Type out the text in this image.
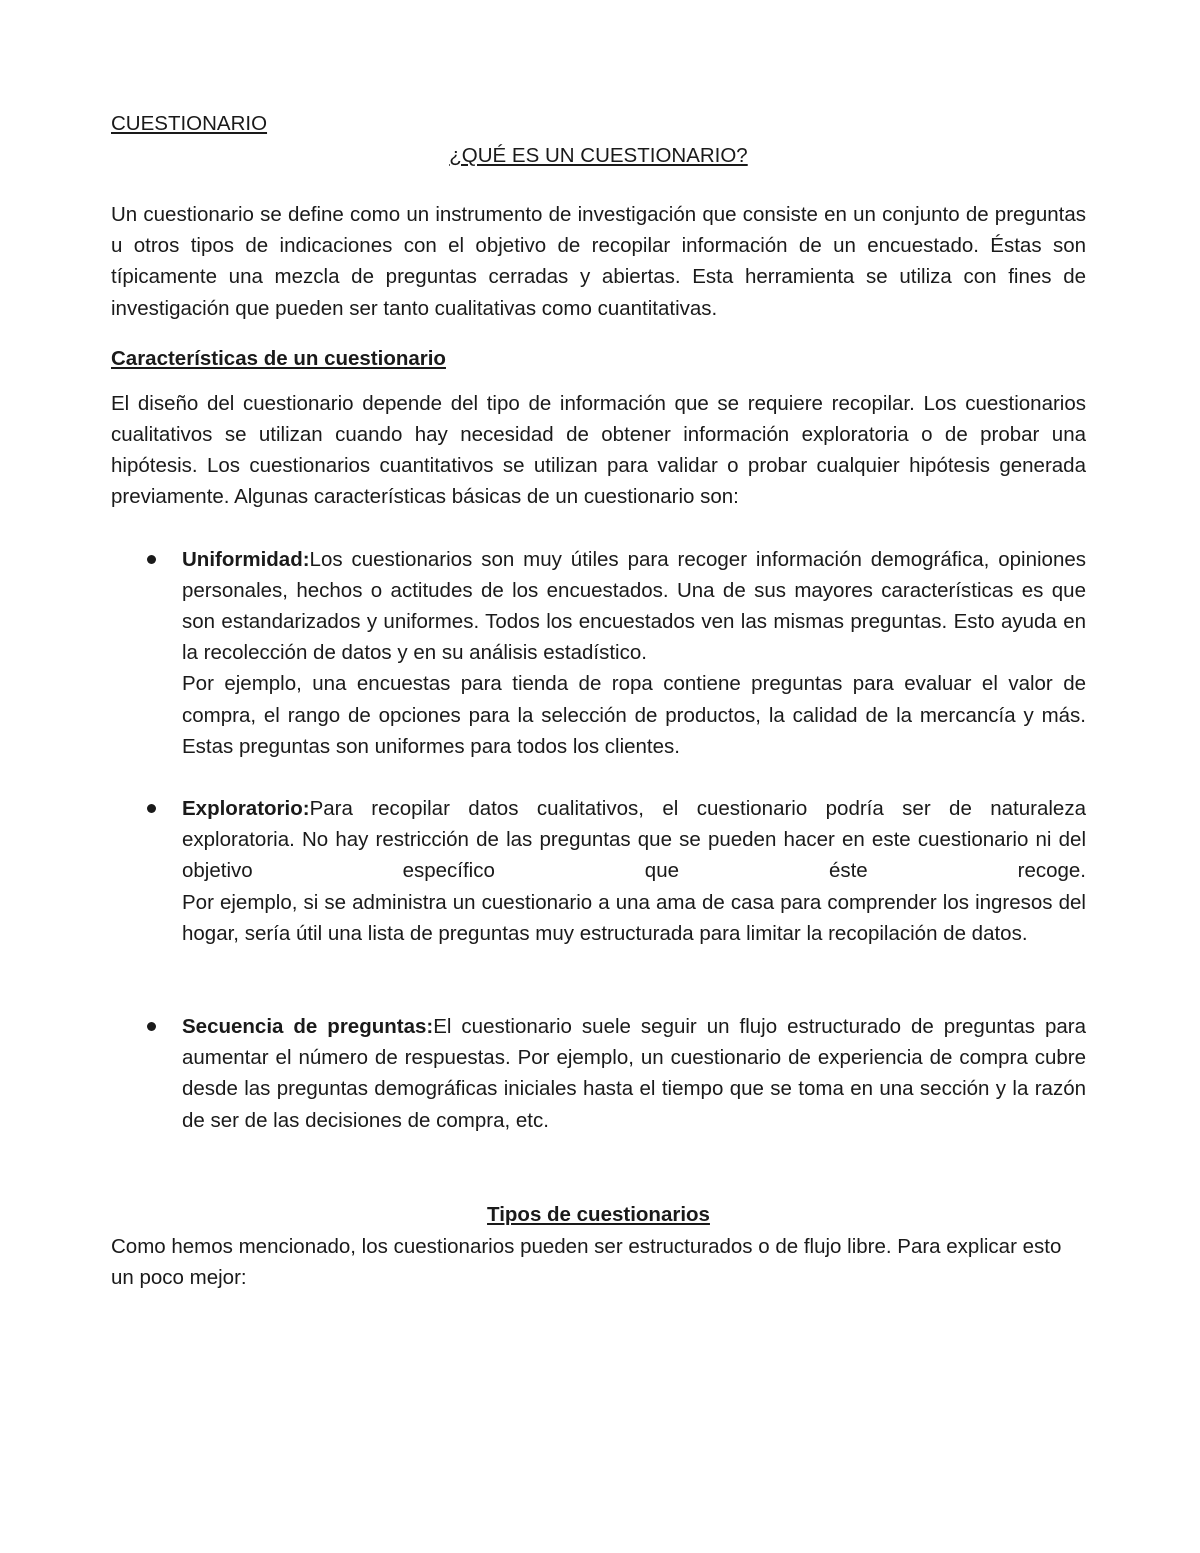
CUESTIONARIO

¿QUÉ ES UN CUESTIONARIO?

Un cuestionario se define como un instrumento de investigación que consiste en un conjunto de preguntas u otros tipos de indicaciones con el objetivo de recopilar información de un encuestado. Éstas son típicamente una mezcla de preguntas cerradas y abiertas. Esta herramienta se utiliza con fines de investigación que pueden ser tanto cualitativas como cuantitativas.

Características de un cuestionario

El diseño del cuestionario depende del tipo de información que se requiere recopilar. Los cuestionarios cualitativos se utilizan cuando hay necesidad de obtener información exploratoria o de probar una hipótesis. Los cuestionarios cuantitativos se utilizan para validar o probar cualquier hipótesis generada previamente. Algunas características básicas de un cuestionario son:

Uniformidad:Los cuestionarios son muy útiles para recoger información demográfica, opiniones personales, hechos o actitudes de los encuestados. Una de sus mayores características es que son estandarizados y uniformes. Todos los encuestados ven las mismas preguntas. Esto ayuda en la recolección de datos y en su análisis estadístico.

Por ejemplo, una encuestas para tienda de ropa contiene preguntas para evaluar el valor de compra, el rango de opciones para la selección de productos, la calidad de la mercancía y más. Estas preguntas son uniformes para todos los clientes.

Exploratorio:Para recopilar datos cualitativos, el cuestionario podría ser de naturaleza exploratoria. No hay restricción de las preguntas que se pueden hacer en este cuestionario ni del objetivo específico que éste recoge.

Por ejemplo, si se administra un cuestionario a una ama de casa para comprender los ingresos del hogar, sería útil una lista de preguntas muy estructurada para limitar la recopilación de datos.

Secuencia de preguntas:El cuestionario suele seguir un flujo estructurado de preguntas para aumentar el número de respuestas. Por ejemplo, un cuestionario de experiencia de compra cubre desde las preguntas demográficas iniciales hasta el tiempo que se toma en una sección y la razón de ser de las decisiones de compra, etc.

Tipos de cuestionarios

Como hemos mencionado, los cuestionarios pueden ser estructurados o de flujo libre. Para explicar esto un poco mejor:
